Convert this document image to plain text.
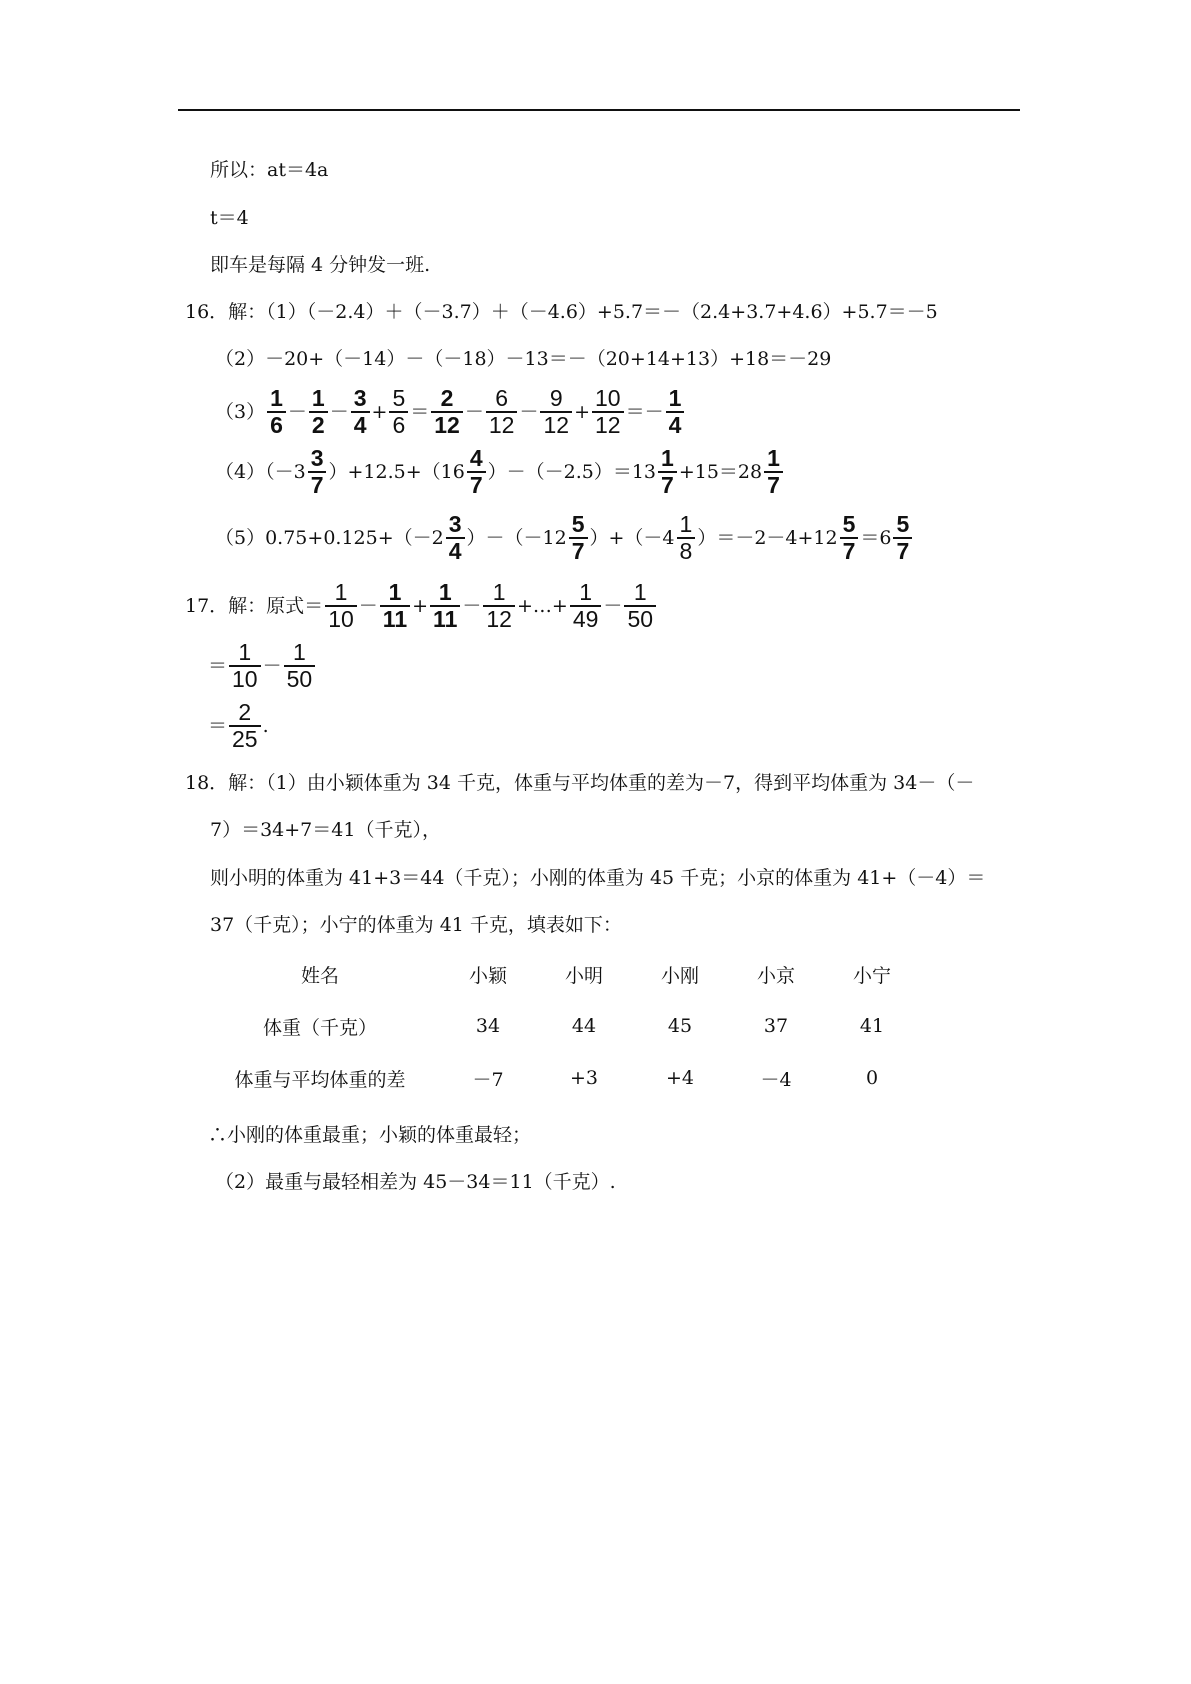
所以：at＝4a
t＝4
即车是每隔 4 分钟发一班.
16．解：（1）（－2.4）＋（－3.7）＋（－4.6）+5.7＝－（2.4+3.7+4.6）+5.7＝－5
（2）－20+（－14）－（－18）－13＝－（20+14+13）+18＝－29
$(3) \frac{1}{6} - \frac{1}{2} - \frac{3}{4} + \frac{5}{6} = \frac{2}{12} - \frac{6}{12} - \frac{9}{12} + \frac{10}{12} =- \frac{1}{4}$
$(4)(-3 \frac{3}{7} )+12.5+(16 \frac{4}{7} )-(-2.5)=13 \frac{1}{7} +15=28 \frac{1}{7}$
$(5)0.75+0.125+(-2 \frac{3}{4} )-(-12 \frac{5}{7} )+(-4 \frac{1}{8} )=-2-4+12 \frac{5}{7} =6 \frac{5}{7}$
17．解：原式＝ $\frac{1}{10} - \frac{1}{11} + \frac{1}{11} - \frac{1}{12}$ +…+ $\frac{1}{49} - \frac{1}{50}$
＝ $\frac{1}{10} - \frac{1}{50}$
＝ $\frac{2}{25}$ .
18．解：（1）由小颖体重为 34 千克，体重与平均体重的差为－7，得到平均体重为 34－（－
7）＝34+7＝41（千克），
则小明的体重为 41+3＝44（千克）；小刚的体重为 45 千克；小京的体重为 41+（－4）＝
37（千克）；小宁的体重为 41 千克，填表如下：
姓名	小颖	小明	小刚	小京	小宁
体重（千克）	34	44	45	37	41
体重与平均体重的差	－7	+3	+4	－4	0
∴小刚的体重最重；小颖的体重最轻；
（2）最重与最轻相差为 45－34＝11（千克）.
